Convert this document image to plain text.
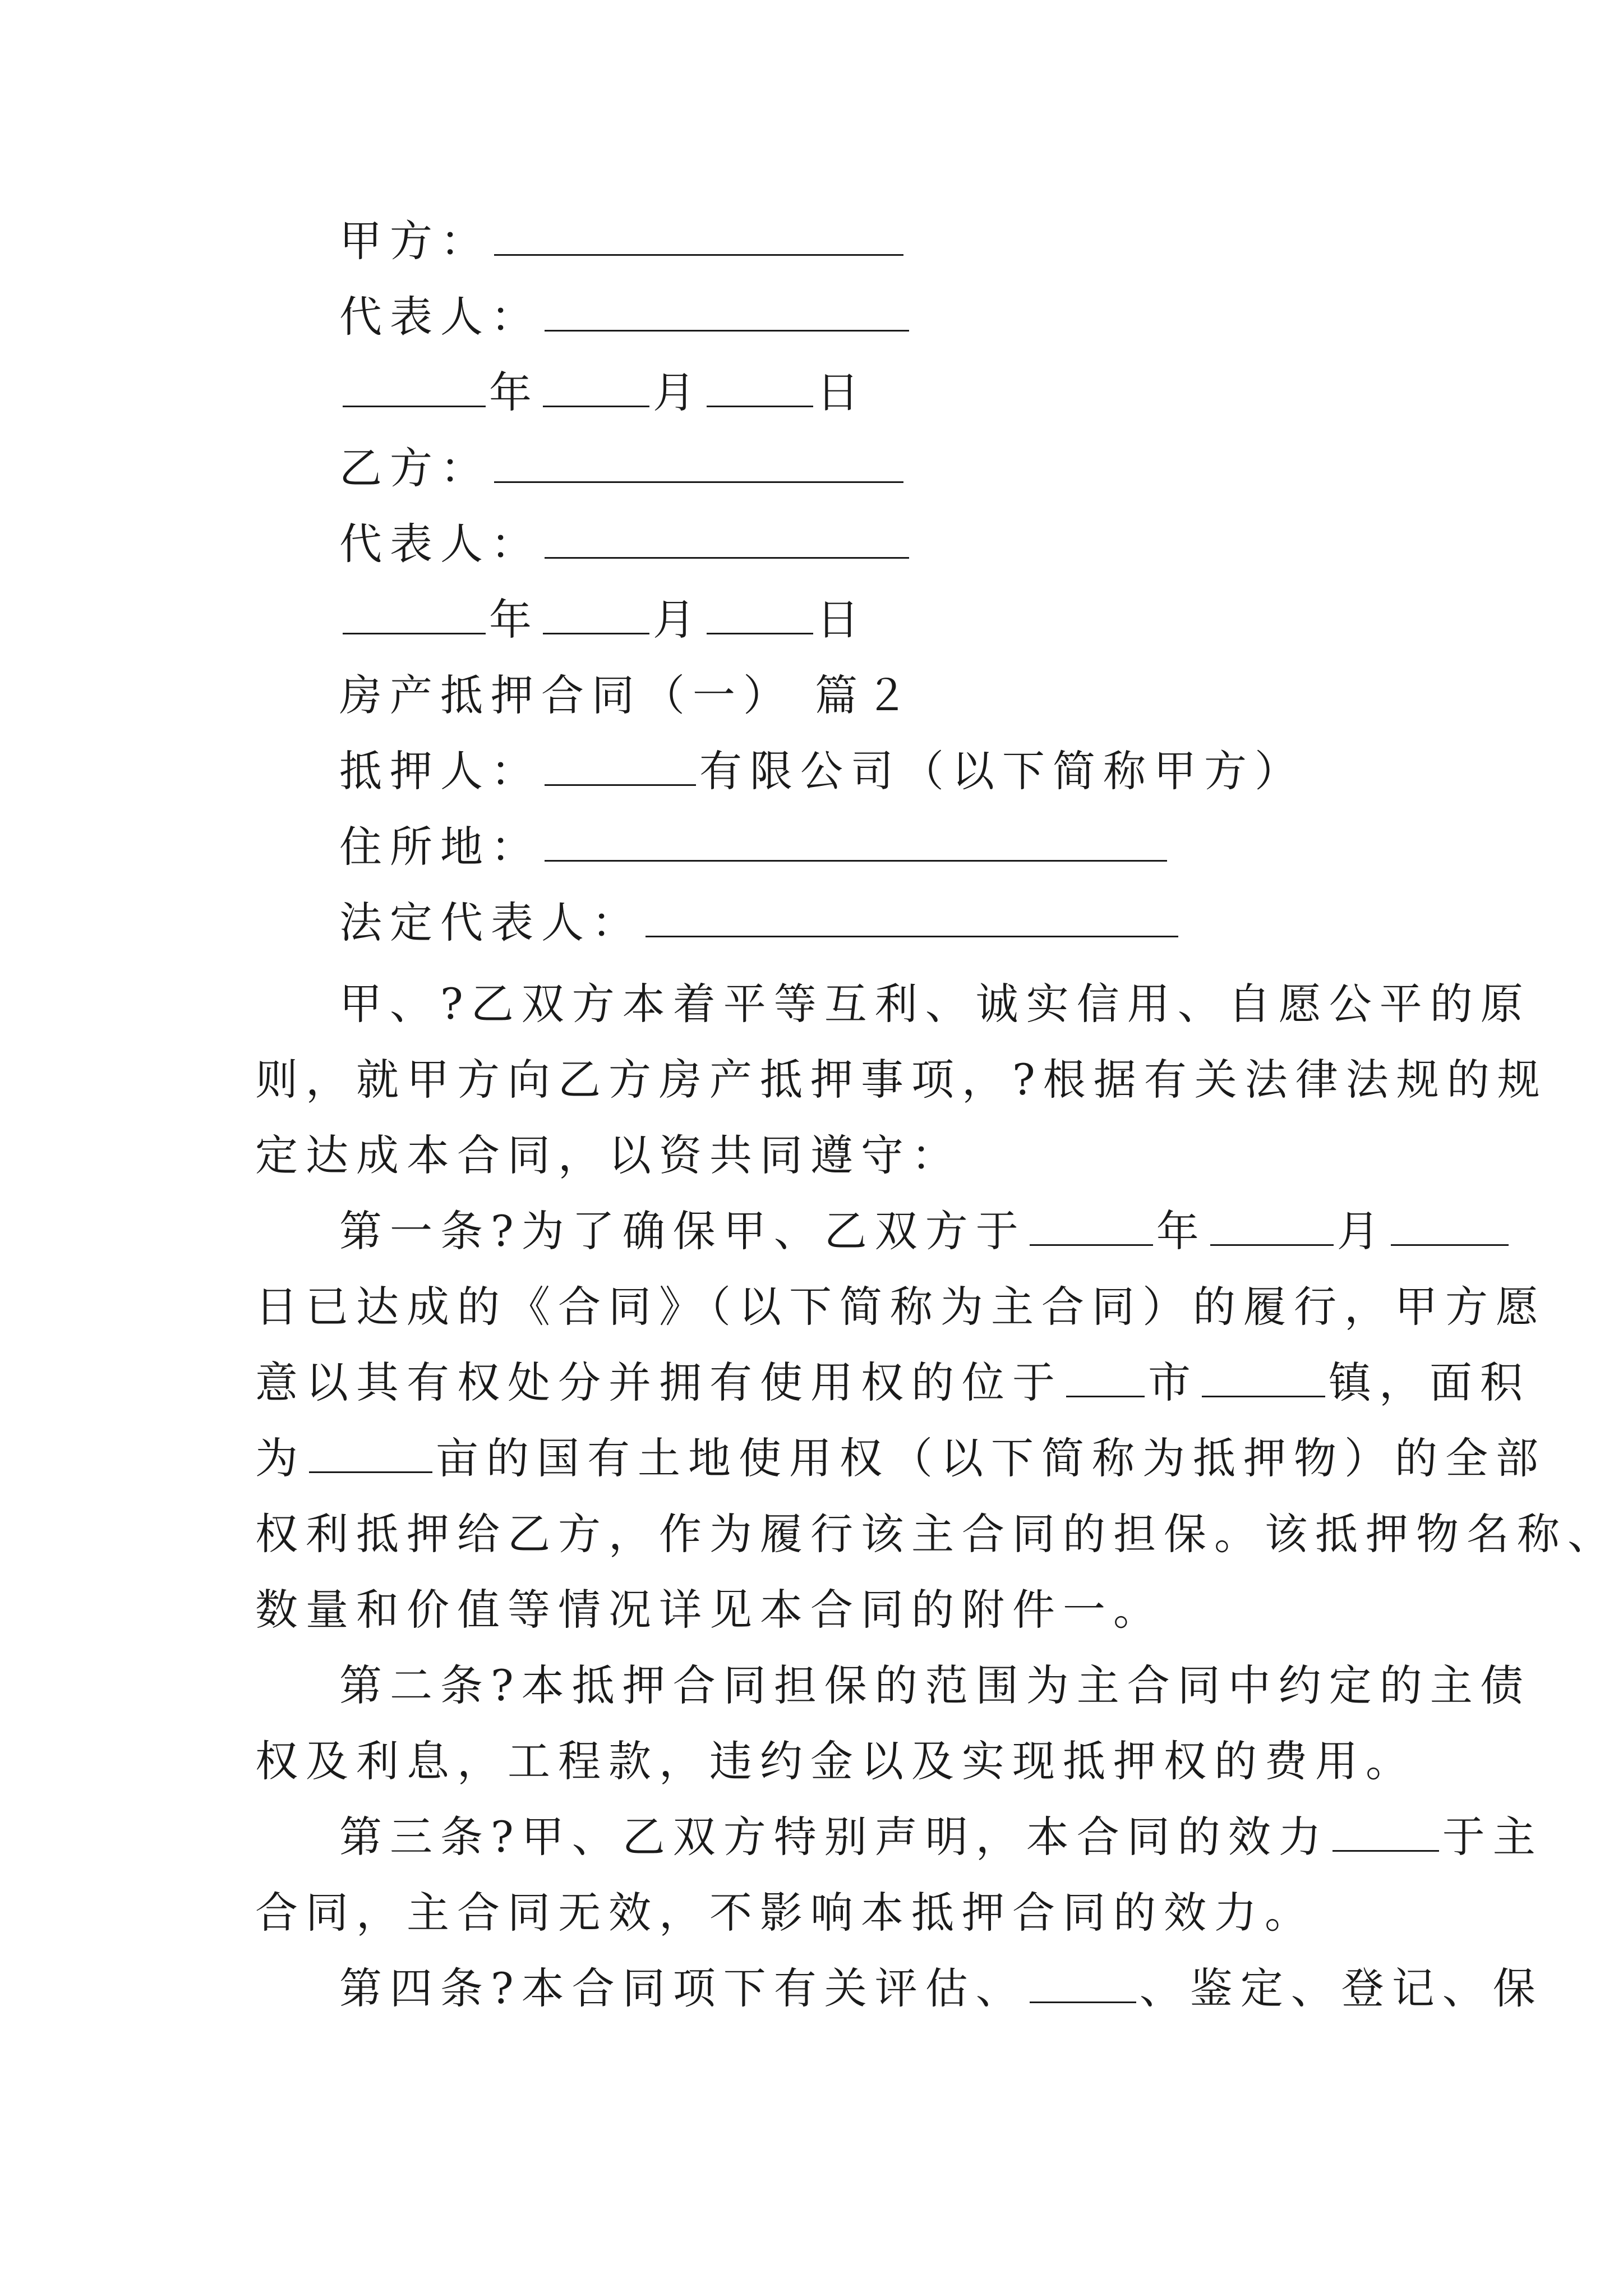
甲方：
代表人：
年	月	日
乙方：
代表人：
年	月	日
房产抵押合同（一） 篇２
抵押人：	有限公司（以下简称甲方）
住所地：
法定代表人：
甲、?乙双方本着平等互利、诚实信用、自愿公平的原
则，就甲方向乙方房产抵押事项，?根据有关法律法规的规
定达成本合同，以资共同遵守：
第一条?为了确保甲、乙双方于	年	月
日已达成的《合同》（以下简称为主合同）的履行，甲方愿
意以其有权处分并拥有使用权的位于 市	镇，面积
为	亩的国有土地使用权（以下简称为抵押物）的全部
权利抵押给乙方，作为履行该主合同的担保。该抵押物名称、
数量和价值等情况详见本合同的附件一。
第二条?本抵押合同担保的范围为主合同中约定的主债
权及利息，工程款，违约金以及实现抵押权的费用。
第三条?甲、乙双方特别声明，本合同的效力	于主
合同，主合同无效，不影响本抵押合同的效力。
第四条?本合同项下有关评估、	、鉴定、登记、保
